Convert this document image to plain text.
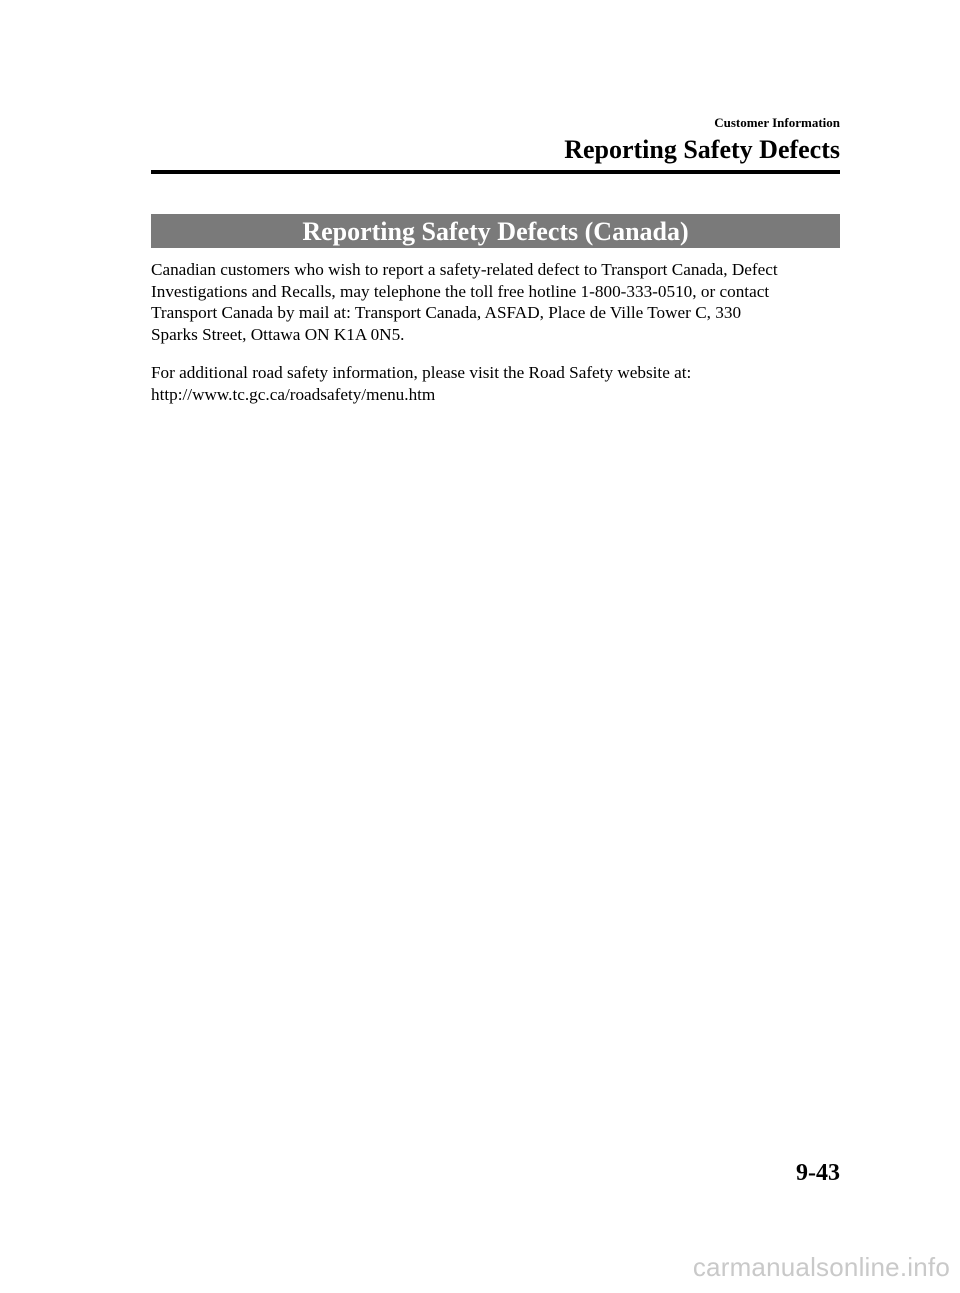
Customer Information
Reporting Safety Defects
Reporting Safety Defects (Canada)

Canadian customers who wish to report a safety-related defect to Transport Canada, Defect
Investigations and Recalls, may telephone the toll free hotline 1-800-333-0510, or contact
Transport Canada by mail at: Transport Canada, ASFAD, Place de Ville Tower C, 330
Sparks Street, Ottawa ON K1A 0N5.

For additional road safety information, please visit the Road Safety website at:
http://www.tc.gc.ca/roadsafety/menu.htm

9-43
carmanualsonline.info
